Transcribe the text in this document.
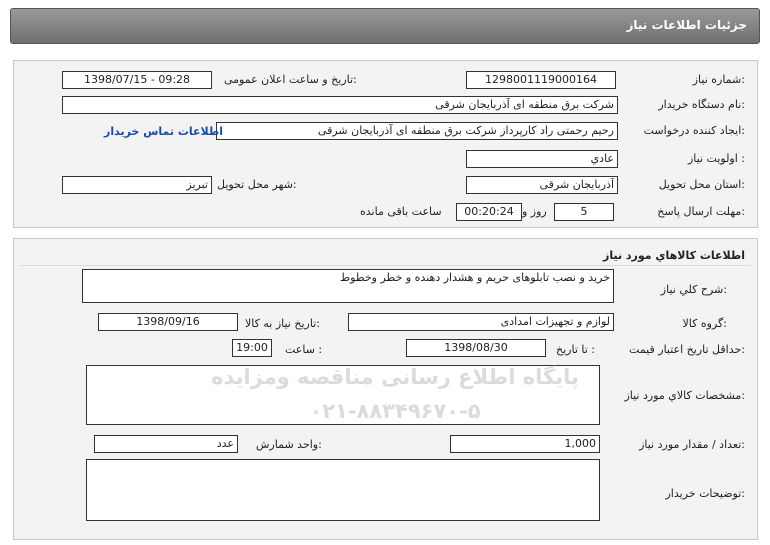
جزئیات اطلاعات نیاز
شماره نیاز:
1298001119000164
تاریخ و ساعت اعلان عمومی:
1398/07/15 - 09:28
نام دستگاه خریدار:
شرکت برق منطقه ای آذربایجان شرقی
ایجاد کننده درخواست:
رحیم رحمتی راد کارپرداز شرکت برق منطقه ای آذربایجان شرقی
اطلاعات تماس خریدار
اولویت نیاز :
عادي
استان محل تحویل:
آذربایجان شرقی
شهر محل تحویل:
تبریز
مهلت ارسال پاسخ:
5
روز و
00:20:24
ساعت باقی مانده
اطلاعات کالاهاي مورد نياز
شرح کلي نياز:
خرید و نصب تابلوهای حریم و هشدار دهنده و خطر وخطوط
گروه کالا:
لوازم و تجهیزات امدادی
تاریخ نیاز به کالا:
1398/09/16
حداقل تاریخ اعتبار قیمت:
تا تاریخ :
1398/08/30
ساعت :
19:00
مشخصات کالاي مورد نياز:
تعداد / مقدار مورد نیاز:
1,000
واحد شمارش:
عدد
توضیحات خریدار:
پایگاه اطلاع رسانی مناقصه ومزایده
۰۲۱-۸۸۳۴۹۶۷۰-۵
